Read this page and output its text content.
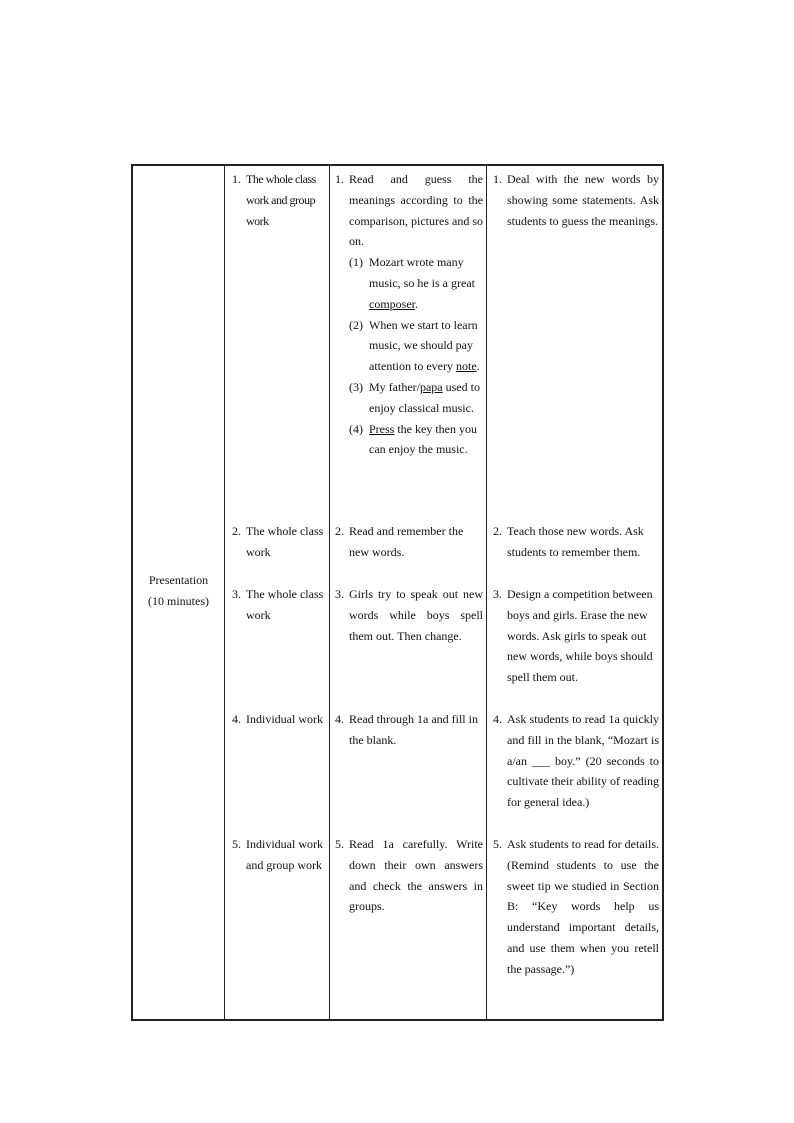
Presentation
(10 minutes)
1. The whole class work and group work
1. Read and guess the meanings according to the comparison, pictures and so on.
(1) Mozart wrote many music, so he is a great composer.
(2) When we start to learn music, we should pay attention to every note.
(3) My father/papa used to enjoy classical music.
(4) Press the key then you can enjoy the music.
1. Deal with the new words by showing some statements. Ask students to guess the meanings.
2. The whole class work
2. Read and remember the new words.
2. Teach those new words. Ask students to remember them.
3. The whole class work
3. Girls try to speak out new words while boys spell them out. Then change.
3. Design a competition between boys and girls. Erase the new words. Ask girls to speak out new words, while boys should spell them out.
4. Individual work	4. Read through 1a and fill in the blank.
4. Ask students to read 1a quickly and fill in the blank, “Mozart is a/an ___ boy.” (20 seconds to cultivate their ability of reading for general idea.)
5. Individual work and group work
5. Read 1a carefully. Write down their own answers and check the answers in groups.
5. Ask students to read for details. (Remind students to use the sweet tip we studied in Section B: “Key words help us understand important details, and use them when you retell the passage.”)
